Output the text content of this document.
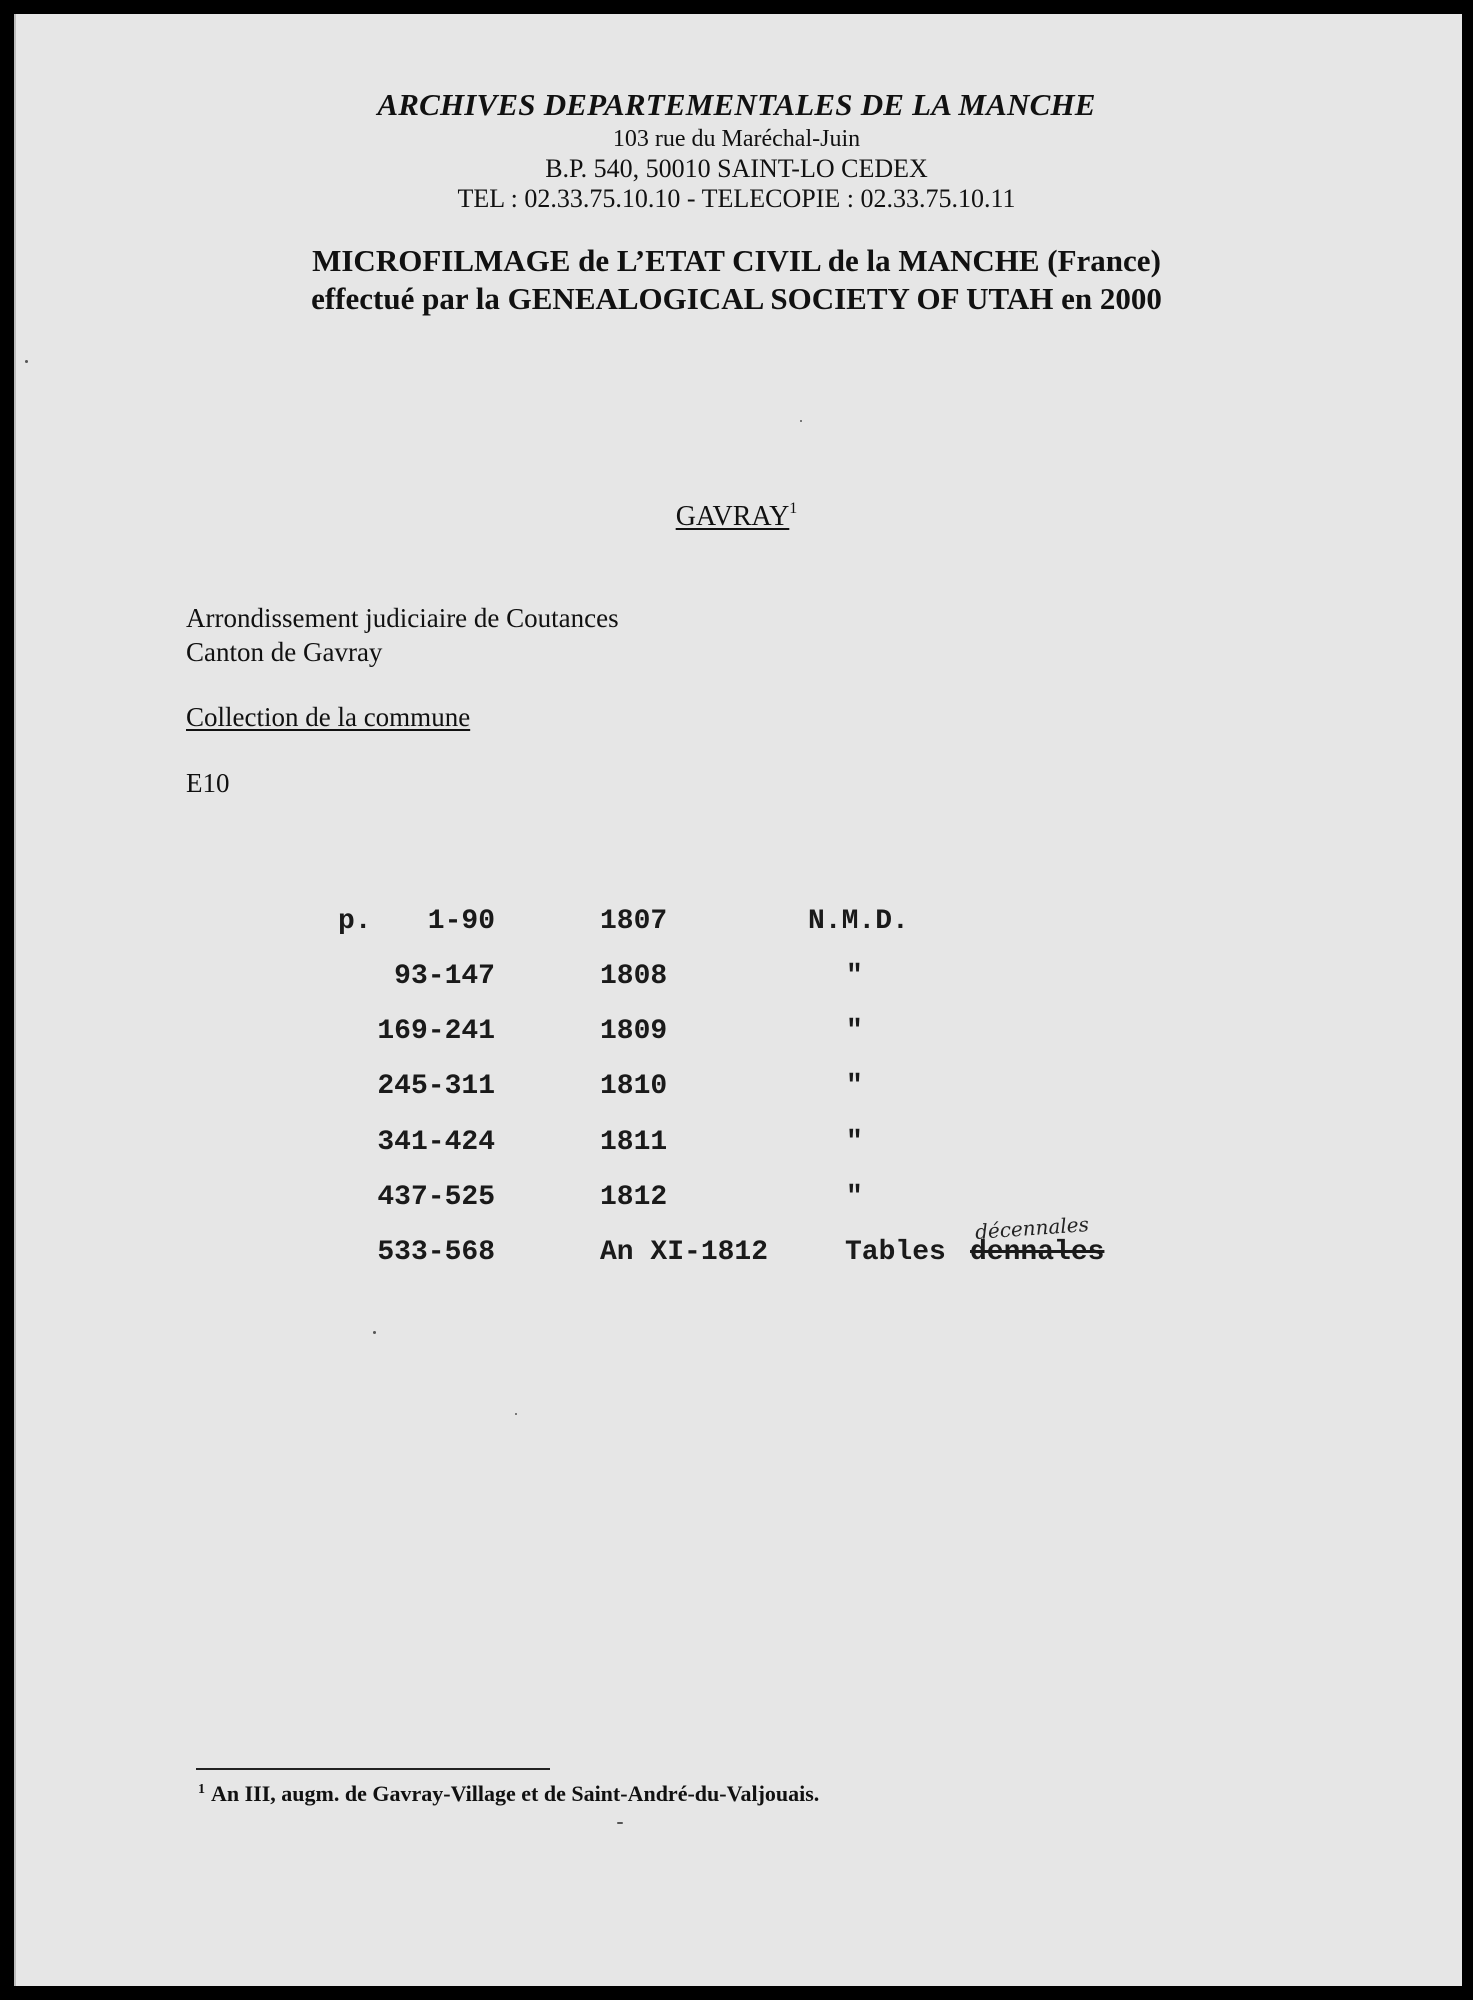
ARCHIVES DEPARTEMENTALES DE LA MANCHE
103 rue du Maréchal-Juin
B.P. 540, 50010 SAINT-LO CEDEX
TEL : 02.33.75.10.10 - TELECOPIE : 02.33.75.10.11
MICROFILMAGE de L’ETAT CIVIL de la MANCHE (France)
effectué par la GENEALOGICAL SOCIETY OF UTAH en 2000
GAVRAY$^1$
Arrondissement judiciaire de Coutances
Canton de Gavray
Collection de la commune
E10
p.	1-90	1807	N.M.D.
93-147	1808	"
169-241	1809	"
245-311	1810	"
341-424	1811	"
437-525	1812	"
533-568	An XI-1812	Tables dennales
décennales
$^1$ An III, augm. de Gavray-Village et de Saint-André-du-Valjouais.
